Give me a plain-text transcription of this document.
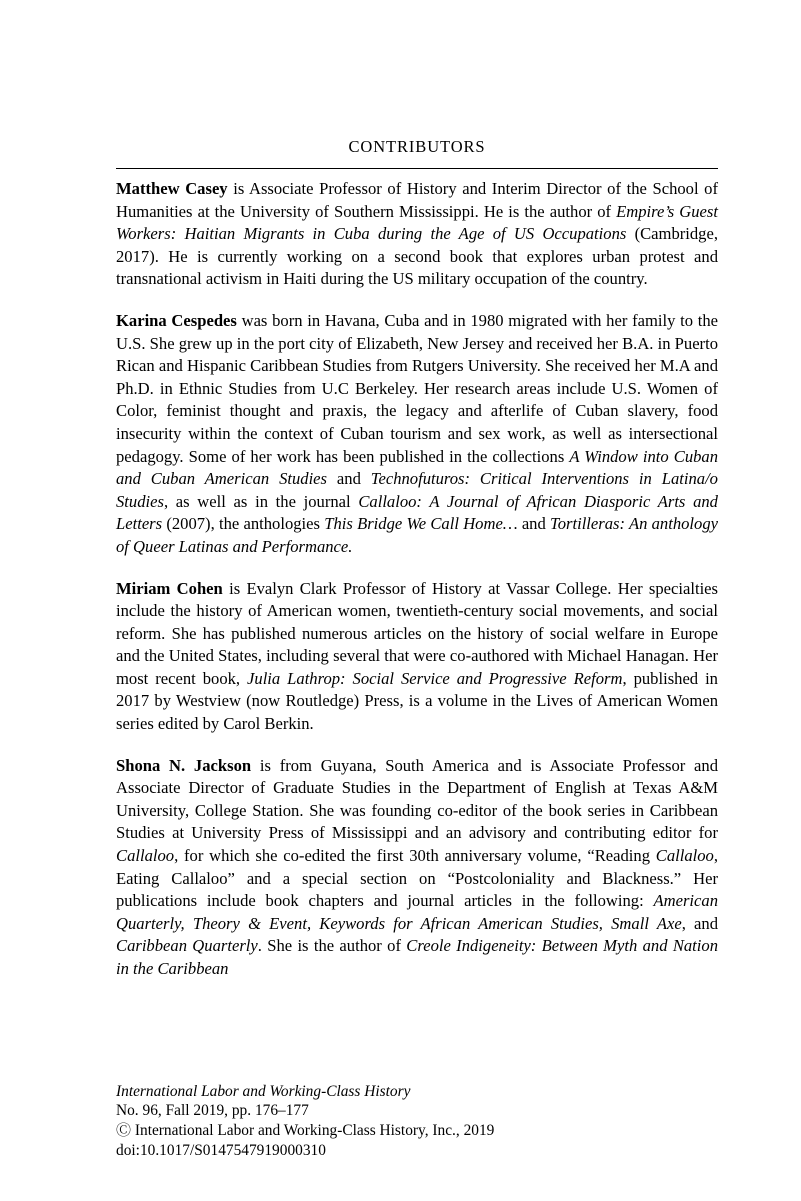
CONTRIBUTORS

Matthew Casey is Associate Professor of History and Interim Director of the School of Humanities at the University of Southern Mississippi. He is the author of Empire’s Guest Workers: Haitian Migrants in Cuba during the Age of US Occupations (Cambridge, 2017). He is currently working on a second book that explores urban protest and transnational activism in Haiti during the US military occupation of the country.

Karina Cespedes was born in Havana, Cuba and in 1980 migrated with her family to the U.S. She grew up in the port city of Elizabeth, New Jersey and received her B.A. in Puerto Rican and Hispanic Caribbean Studies from Rutgers University. She received her M.A and Ph.D. in Ethnic Studies from U.C Berkeley. Her research areas include U.S. Women of Color, feminist thought and praxis, the legacy and afterlife of Cuban slavery, food insecurity within the context of Cuban tourism and sex work, as well as intersectional pedagogy. Some of her work has been published in the collections A Window into Cuban and Cuban American Studies and Technofuturos: Critical Interventions in Latina/o Studies, as well as in the journal Callaloo: A Journal of African Diasporic Arts and Letters (2007), the anthologies This Bridge We Call Home… and Tortilleras: An anthology of Queer Latinas and Performance.

Miriam Cohen is Evalyn Clark Professor of History at Vassar College. Her specialties include the history of American women, twentieth-century social movements, and social reform. She has published numerous articles on the history of social welfare in Europe and the United States, including several that were co-authored with Michael Hanagan. Her most recent book, Julia Lathrop: Social Service and Progressive Reform, published in 2017 by Westview (now Routledge) Press, is a volume in the Lives of American Women series edited by Carol Berkin.

Shona N. Jackson is from Guyana, South America and is Associate Professor and Associate Director of Graduate Studies in the Department of English at Texas A&M University, College Station. She was founding co-editor of the book series in Caribbean Studies at University Press of Mississippi and an advisory and contributing editor for Callaloo, for which she co-edited the first 30th anniversary volume, “Reading Callaloo, Eating Callaloo” and a special section on “Postcoloniality and Blackness.” Her publications include book chapters and journal articles in the following: American Quarterly, Theory & Event, Keywords for African American Studies, Small Axe, and Caribbean Quarterly. She is the author of Creole Indigeneity: Between Myth and Nation in the Caribbean

International Labor and Working-Class History
No. 96, Fall 2019, pp. 176–177
Ⓒ International Labor and Working-Class History, Inc., 2019
doi:10.1017/S0147547919000310
